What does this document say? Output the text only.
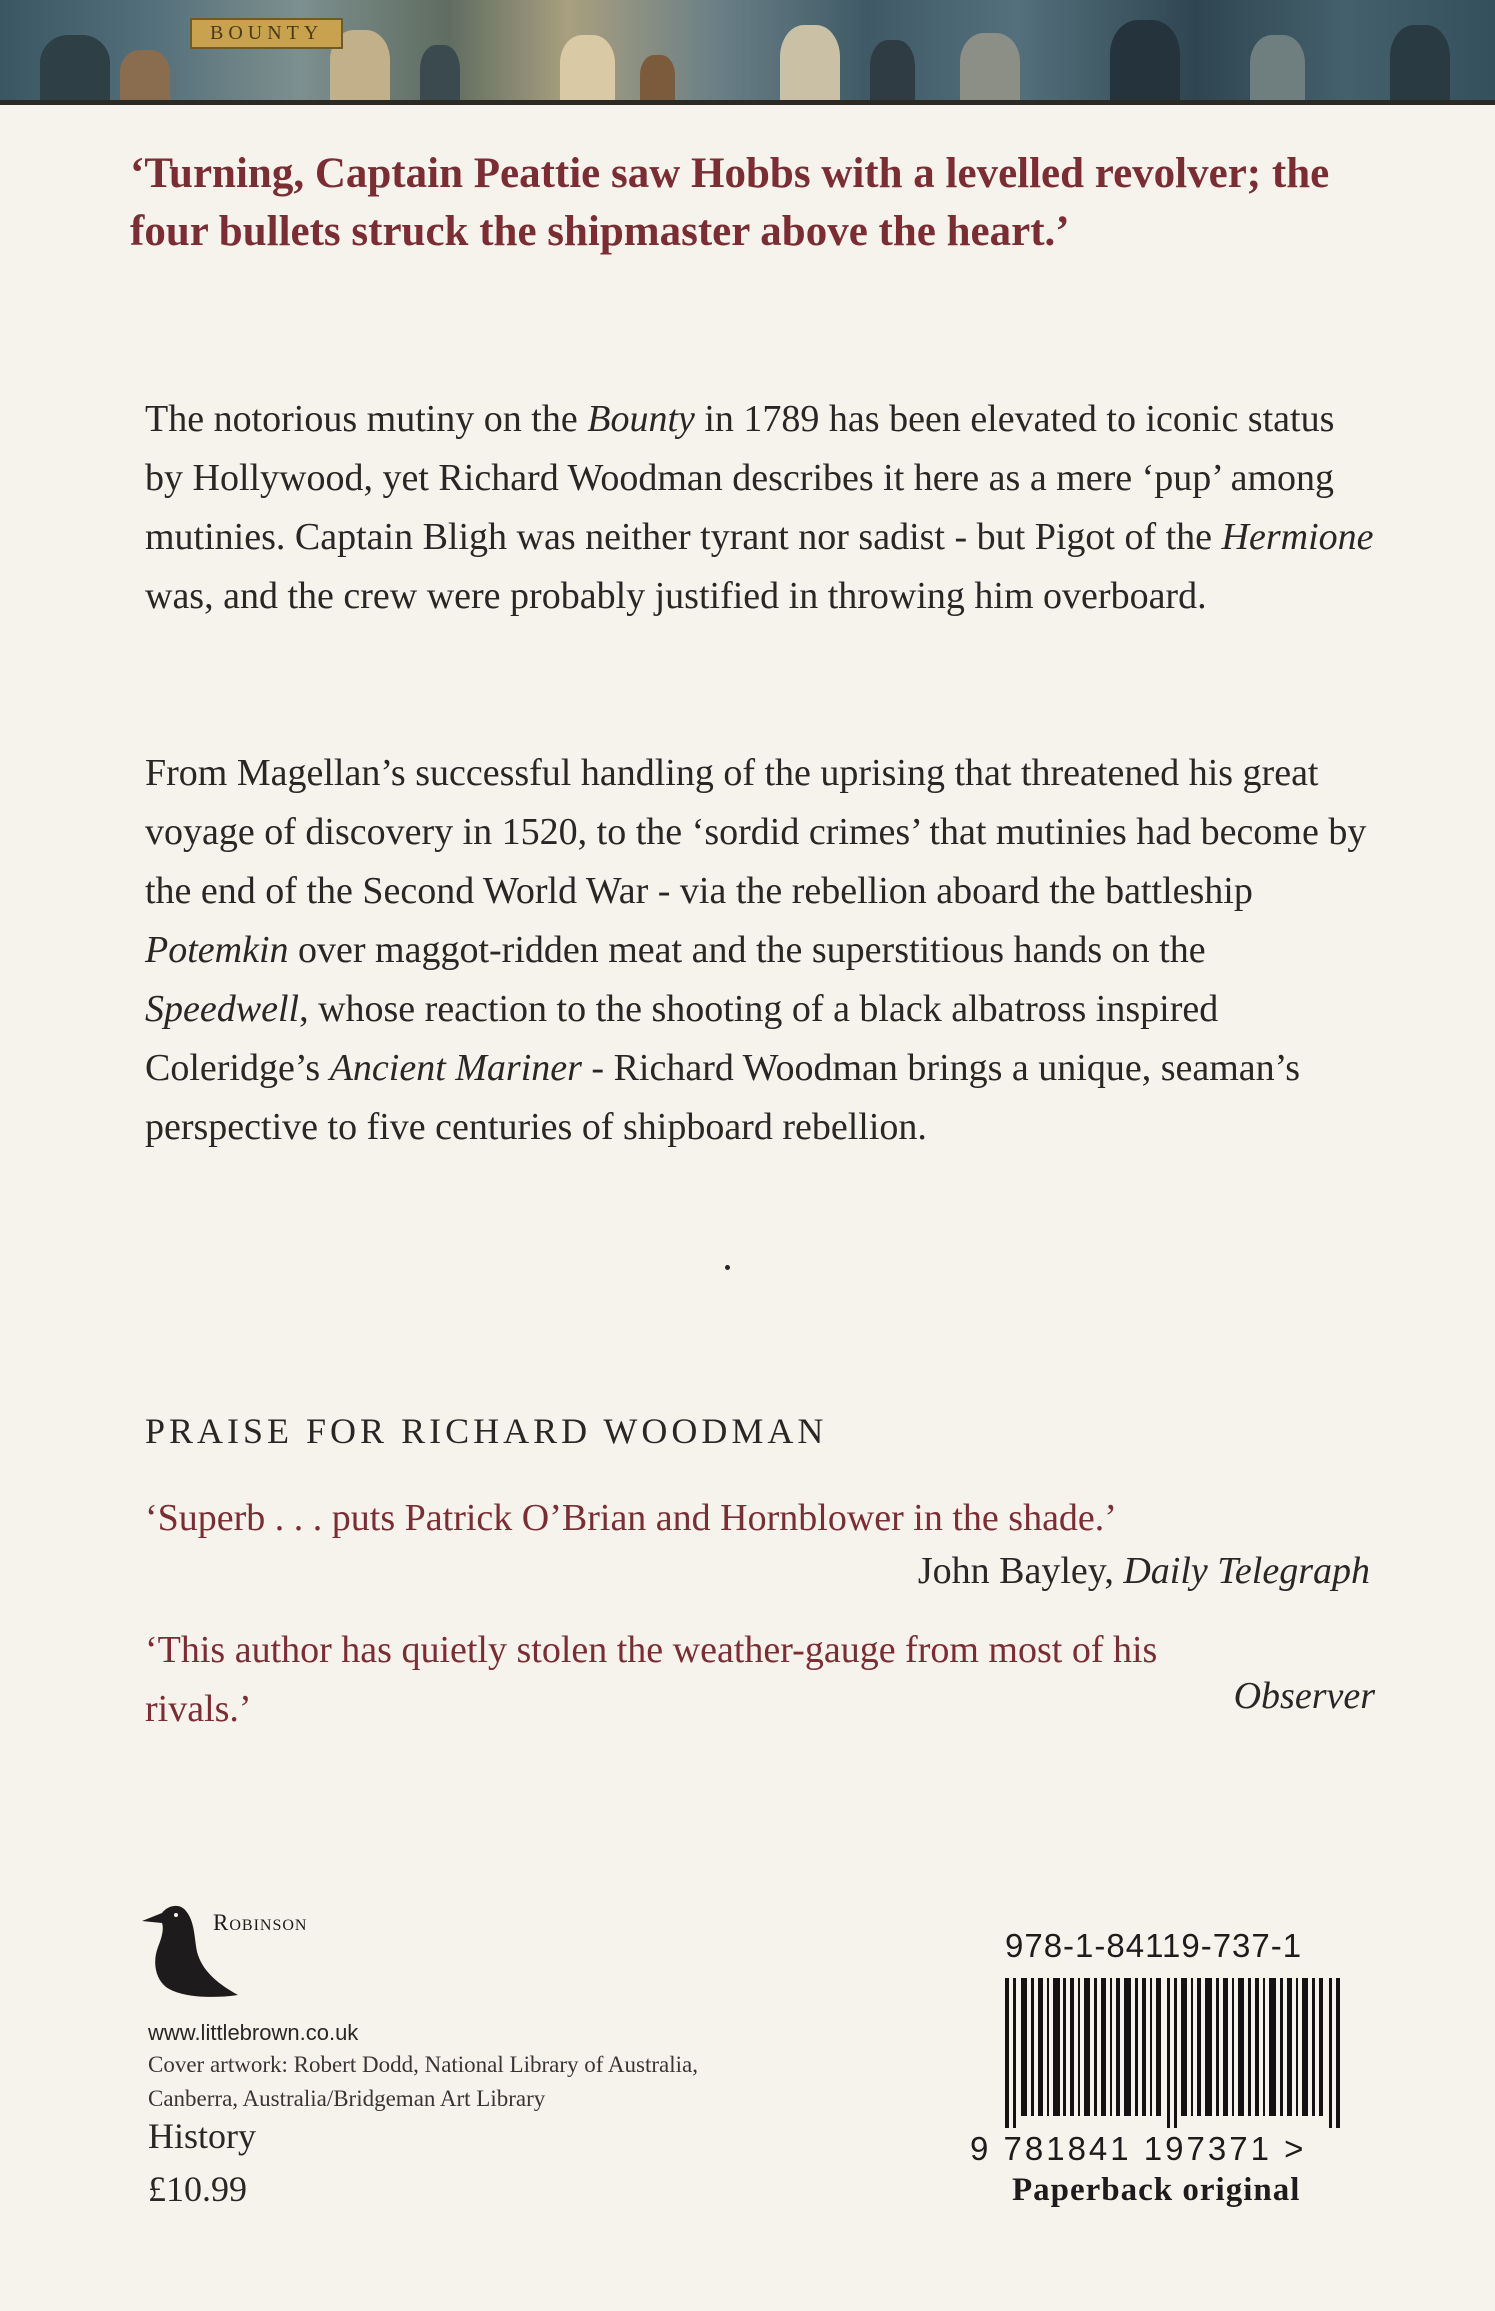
BOUNTY

‘Turning, Captain Peattie saw Hobbs with a levelled revolver; the four bullets struck the shipmaster above the heart.’

The notorious mutiny on the Bounty in 1789 has been elevated to iconic status by Hollywood, yet Richard Woodman describes it here as a mere ‘pup’ among mutinies. Captain Bligh was neither tyrant nor sadist - but Pigot of the Hermione was, and the crew were probably justified in throwing him overboard.

From Magellan’s successful handling of the uprising that threatened his great voyage of discovery in 1520, to the ‘sordid crimes’ that mutinies had become by the end of the Second World War - via the rebellion aboard the battleship Potemkin over maggot-ridden meat and the superstitious hands on the Speedwell, whose reaction to the shooting of a black albatross inspired Coleridge’s Ancient Mariner - Richard Woodman brings a unique, seaman’s perspective to five centuries of shipboard rebellion.

PRAISE FOR RICHARD WOODMAN

‘Superb . . . puts Patrick O’Brian and Hornblower in the shade.’

John Bayley, Daily Telegraph

‘This author has quietly stolen the weather-gauge from most of his rivals.’	Observer

Robinson
www.littlebrown.co.uk
Cover artwork: Robert Dodd, National Library of Australia, Canberra, Australia/Bridgeman Art Library
History
£10.99
978-1-84119-737-1
9 781841 197371 >
Paperback original
